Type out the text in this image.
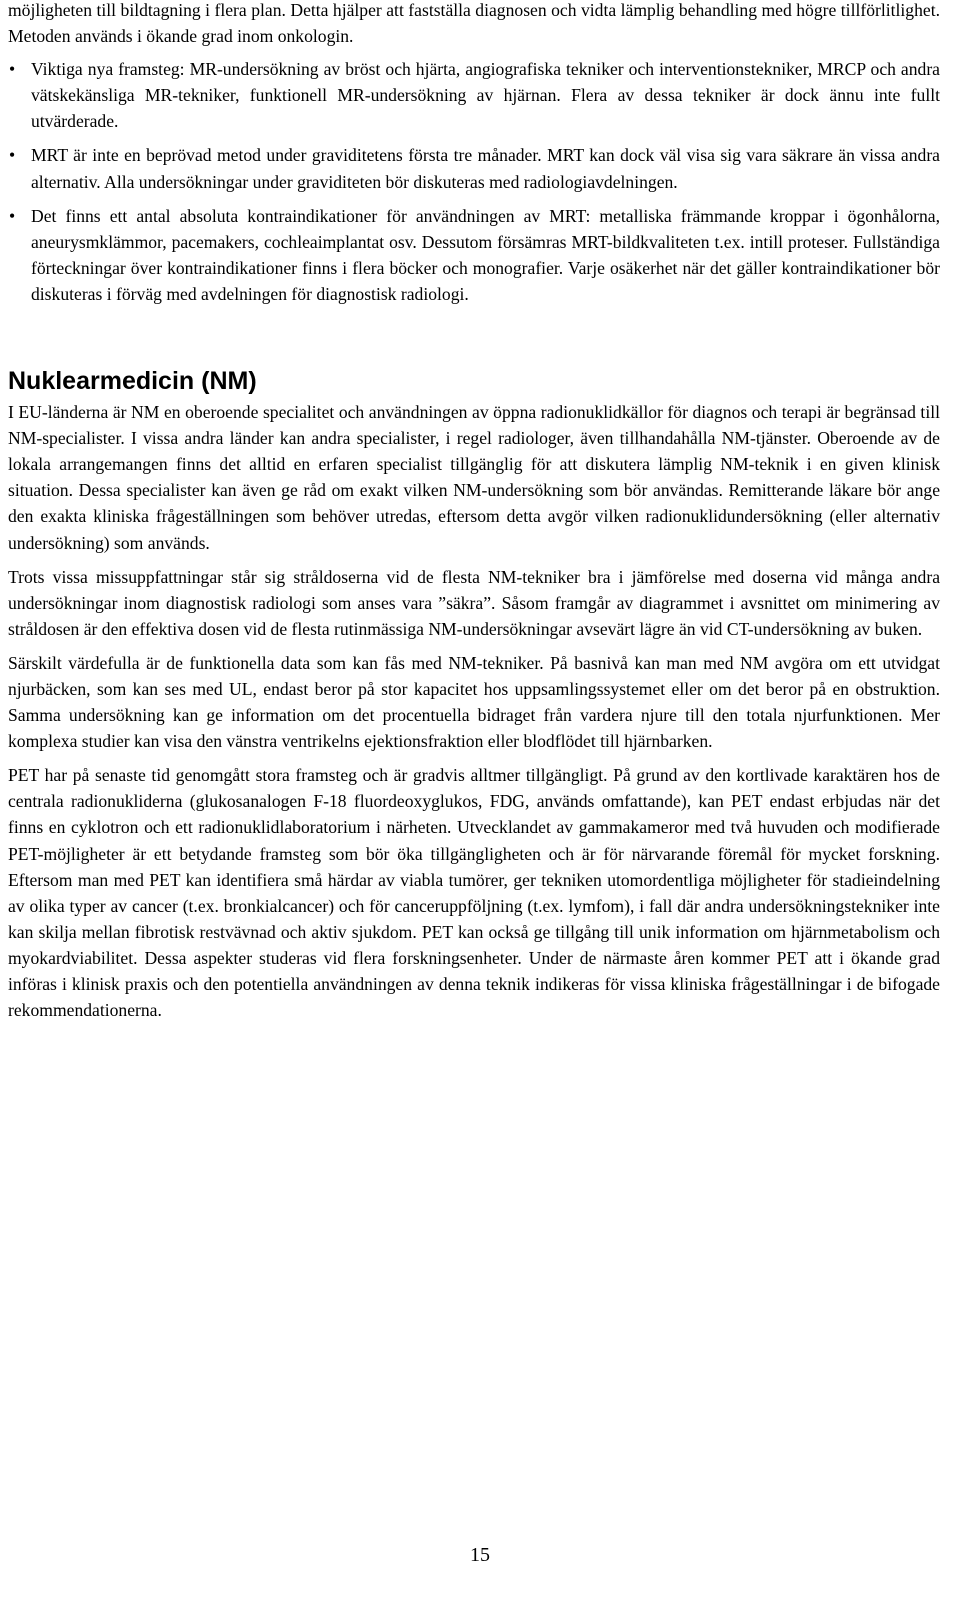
möjligheten till bildtagning i flera plan. Detta hjälper att fastställa diagnosen och vidta lämplig behandling med högre tillförlitlighet. Metoden används i ökande grad inom onkologin.

• Viktiga nya framsteg: MR-undersökning av bröst och hjärta, angiografiska tekniker och interventionstekniker, MRCP och andra vätskekänsliga MR-tekniker, funktionell MR-undersökning av hjärnan. Flera av dessa tekniker är dock ännu inte fullt utvärderade.
• MRT är inte en beprövad metod under graviditetens första tre månader. MRT kan dock väl visa sig vara säkrare än vissa andra alternativ. Alla undersökningar under graviditeten bör diskuteras med radiologiavdelningen.
• Det finns ett antal absoluta kontraindikationer för användningen av MRT: metalliska främmande kroppar i ögonhålorna, aneurysmklämmor, pacemakers, cochleaimplantat osv. Dessutom försämras MRT-bildkvaliteten t.ex. intill proteser. Fullständiga förteckningar över kontraindikationer finns i flera böcker och monografier. Varje osäkerhet när det gäller kontraindikationer bör diskuteras i förväg med avdelningen för diagnostisk radiologi.
Nuklearmedicin (NM)

I EU-länderna är NM en oberoende specialitet och användningen av öppna radionuklidkällor för diagnos och terapi är begränsad till NM-specialister. I vissa andra länder kan andra specialister, i regel radiologer, även tillhandahålla NM-tjänster. Oberoende av de lokala arrangemangen finns det alltid en erfaren specialist tillgänglig för att diskutera lämplig NM-teknik i en given klinisk situation. Dessa specialister kan även ge råd om exakt vilken NM-undersökning som bör användas. Remitterande läkare bör ange den exakta kliniska frågeställningen som behöver utredas, eftersom detta avgör vilken radionuklidundersökning (eller alternativ undersökning) som används.

Trots vissa missuppfattningar står sig stråldoserna vid de flesta NM-tekniker bra i jämförelse med doserna vid många andra undersökningar inom diagnostisk radiologi som anses vara ”säkra”. Såsom framgår av diagrammet i avsnittet om minimering av stråldosen är den effektiva dosen vid de flesta rutinmässiga NM-undersökningar avsevärt lägre än vid CT-undersökning av buken.

Särskilt värdefulla är de funktionella data som kan fås med NM-tekniker. På basnivå kan man med NM avgöra om ett utvidgat njurbäcken, som kan ses med UL, endast beror på stor kapacitet hos uppsamlingssystemet eller om det beror på en obstruktion. Samma undersökning kan ge information om det procentuella bidraget från vardera njure till den totala njurfunktionen. Mer komplexa studier kan visa den vänstra ventrikelns ejektionsfraktion eller blodflödet till hjärnbarken.

PET har på senaste tid genomgått stora framsteg och är gradvis alltmer tillgängligt. På grund av den kortlivade karaktären hos de centrala radionukliderna (glukosanalogen F-18 fluordeoxyglukos, FDG, används omfattande), kan PET endast erbjudas när det finns en cyklotron och ett radionuklidlaboratorium i närheten. Utvecklandet av gammakameror med två huvuden och modifierade PET-möjligheter är ett betydande framsteg som bör öka tillgängligheten och är för närvarande föremål för mycket forskning. Eftersom man med PET kan identifiera små härdar av viabla tumörer, ger tekniken utomordentliga möjligheter för stadieindelning av olika typer av cancer (t.ex. bronkialcancer) och för canceruppföljning (t.ex. lymfom), i fall där andra undersökningstekniker inte kan skilja mellan fibrotisk restvävnad och aktiv sjukdom. PET kan också ge tillgång till unik information om hjärnmetabolism och myokardviabilitet. Dessa aspekter studeras vid flera forskningsenheter. Under de närmaste åren kommer PET att i ökande grad införas i klinisk praxis och den potentiella användningen av denna teknik indikeras för vissa kliniska frågeställningar i de bifogade rekommendationerna.

15
